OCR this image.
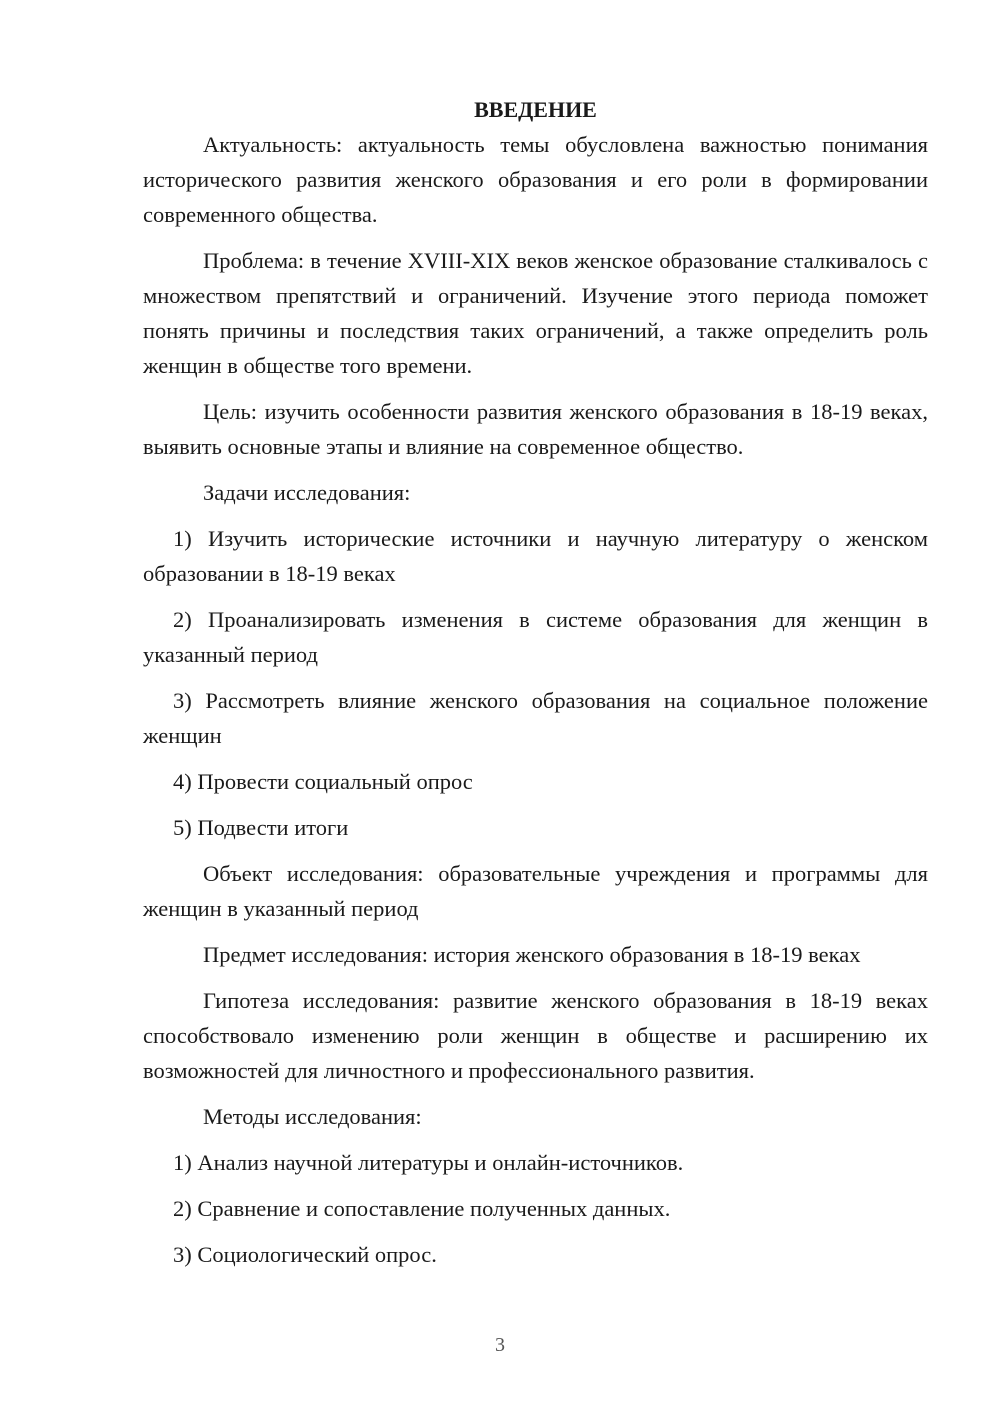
ВВЕДЕНИЕ

Актуальность: актуальность темы обусловлена важностью понимания исторического развития женского образования и его роли в формировании современного общества.

Проблема: в течение XVIII-XIX веков женское образование сталкивалось с множеством препятствий и ограничений. Изучение этого периода поможет понять причины и последствия таких ограничений, а также определить роль женщин в обществе того времени.

Цель: изучить особенности развития женского образования в 18-19 веках, выявить основные этапы и влияние на современное общество.

Задачи исследования:

1) Изучить исторические источники и научную литературу о женском образовании в 18-19 веках

2) Проанализировать изменения в системе образования для женщин в указанный период

3) Рассмотреть влияние женского образования на социальное положение женщин

4) Провести социальный опрос

5) Подвести итоги

Объект исследования: образовательные учреждения и программы для женщин в указанный период

Предмет исследования: история женского образования в 18-19 веках

Гипотеза исследования: развитие женского образования в 18-19 веках способствовало изменению роли женщин в обществе и расширению их возможностей для личностного и профессионального развития.

Методы исследования:

1) Анализ научной литературы и онлайн-источников.

2) Сравнение и сопоставление полученных данных.

3) Социологический опрос.

3
